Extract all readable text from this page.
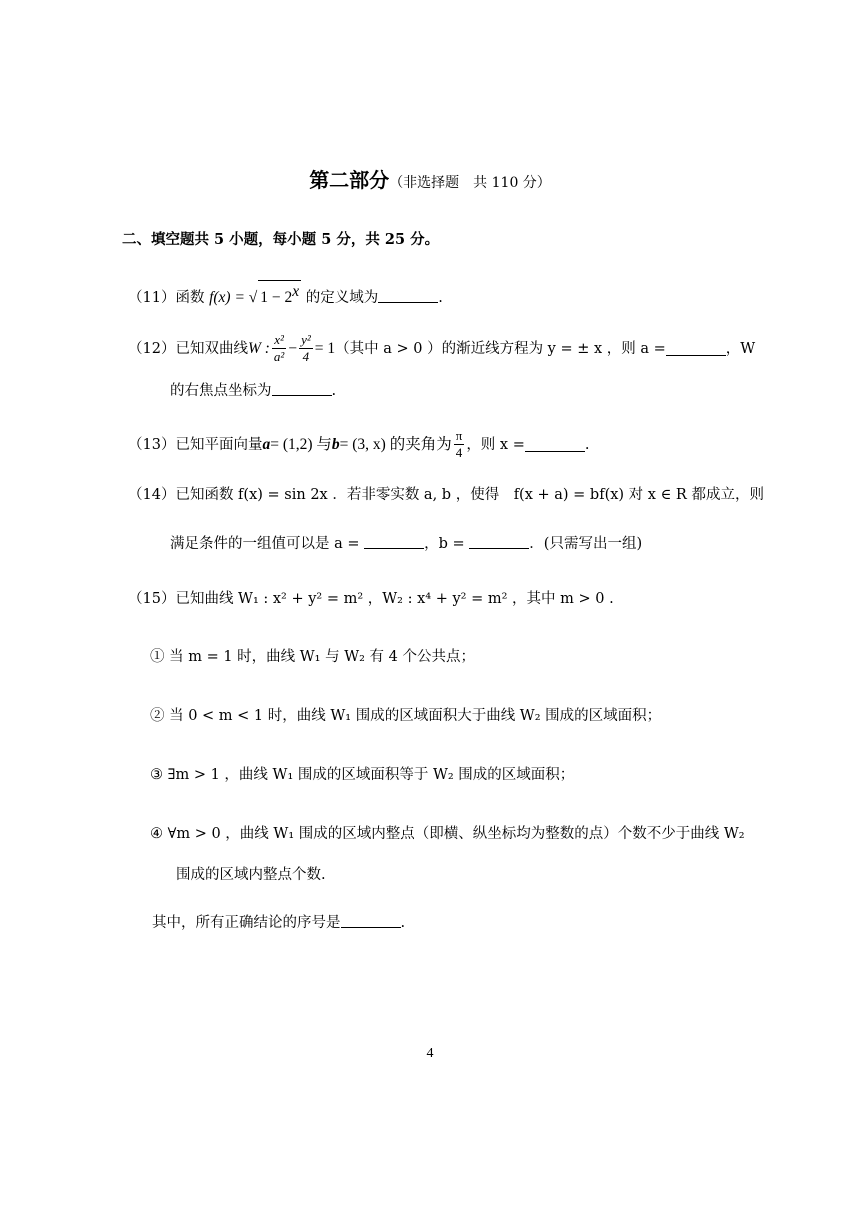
第二部分（非选择题　共 110 分）
二、填空题共 5 小题，每小题 5 分，共 25 分。
（11）函数 f(x) = √ $1 - 2^x$ 的定义域为	.
（12） 已知双曲线 W : $\frac{\text{x²}}{\text{a²}} - \frac{\text{y²}}{4} = 1$ （其中 a > 0 ）的渐近线方程为 y = ± x ，则 a =	，W
的右焦点坐标为	.
（13） 已知平面向量 a = (1,2) 与 b = (3, x) 的夹角为 $\frac{\pi}{4}$ ，则 x =	.
（14）已知函数 f(x) = sin 2x ．若非零实数 a, b ，使得　f(x + a) = bf(x) 对 x ∈ R 都成立，则
满足条件的一组值可以是 a =	，b =	．(只需写出一组)
（15）已知曲线 W₁ : x² + y² = m² ，W₂ : x⁴ + y² = m² ，其中 m > 0 .
① 当 m = 1 时，曲线 W₁ 与 W₂ 有 4 个公共点；
② 当 0 < m < 1 时，曲线 W₁ 围成的区域面积大于曲线 W₂ 围成的区域面积；
③ ∃m > 1 ，曲线 W₁ 围成的区域面积等于 W₂ 围成的区域面积；
④ ∀m > 0 ，曲线 W₁ 围成的区域内整点（即横、纵坐标均为整数的点）个数不少于曲线 W₂
围成的区域内整点个数.
其中，所有正确结论的序号是	.
4
